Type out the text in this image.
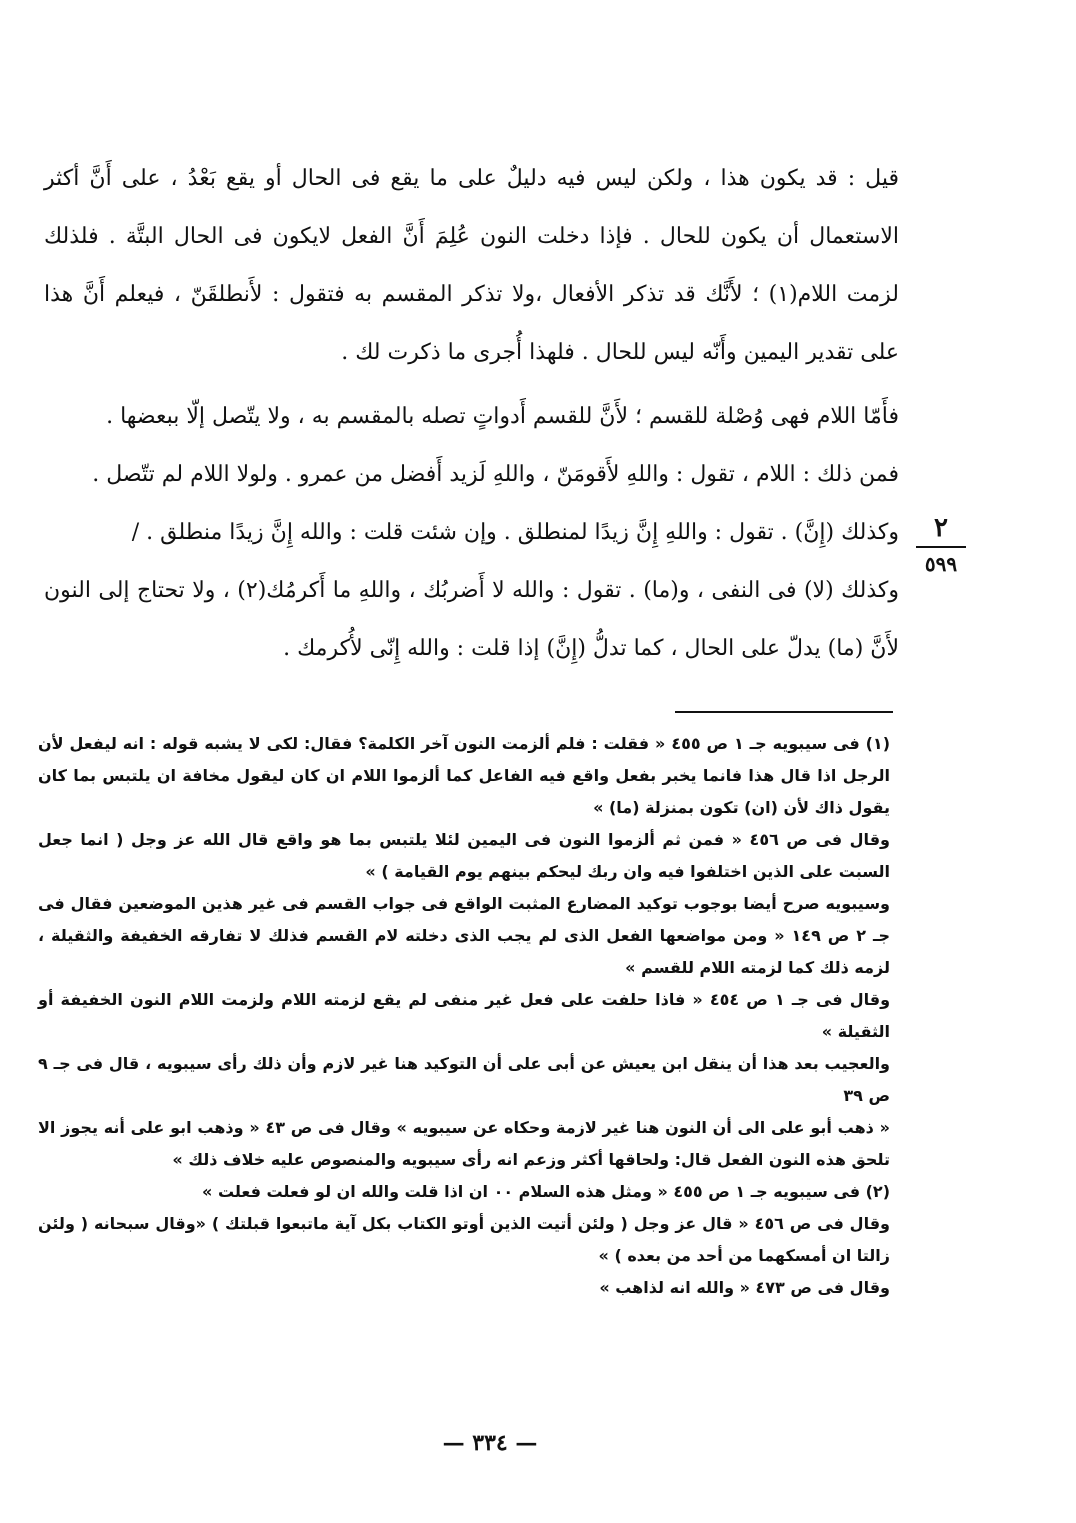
قيل : قد يكون هذا ، ولكن ليس فيه دليلٌ على ما يقع فى الحال أو يقع بَعْدُ ، على أَنَّ أكثر الاستعمال أن يكون للحال . فإذا دخلت النون عُلِمَ أَنَّ الفعل لايكون فى الحال البتَّة . فلذلك لزمت اللام(١) ؛ لأَنَّك قد تذكر الأفعال ،ولا تذكر المقسم به فتقول : لأَنطلقَنّ ، فيعلم أَنَّ هذا على تقدير اليمين وأَنّه ليس للحال . فلهذا أُجرى ما ذكرت لك .

فأَمّا اللام فهى وُصْلة للقسم ؛ لأَنَّ للقسم أَدواتٍ تصله بالمقسم به ، ولا يتّصل إلّا ببعضها .

فمن ذلك : اللام ، تقول : واللهِ لأَقومَنّ ، واللهِ لَزيد أَفضل من عمرو . ولولا اللام لم تتّصل .

وكذلك (إِنَّ) . تقول : واللهِ إِنَّ زيدًا لمنطلق . وإن شئت قلت : والله إِنَّ زيدًا منطلق . /

وكذلك (لا) فى النفى ، و(ما) . تقول : والله لا أَضربُك ، واللهِ ما أَكرمُك(٢) ، ولا تحتاج إلى النون لأَنَّ (ما) يدلّ على الحال ، كما تدلُّ (إِنَّ) إذا قلت : والله إِنّى لأُكرمك .

٢
٥٩٩

(١) فى سيبويه جـ ١ ص ٤٥٥ « فقلت : فلم ألزمت النون آخر الكلمة؟ فقال: لكى لا يشبه قوله : انه ليفعل لأن الرجل اذا قال هذا فانما يخبر بفعل واقع فيه الفاعل كما ألزموا اللام ان كان ليقول مخافة ان يلتبس بما كان يقول ذاك لأن (ان) تكون بمنزلة (ما) »

وقال فى ص ٤٥٦ « فمن ثم ألزموا النون فى اليمين لئلا يلتبس بما هو واقع قال الله عز وجل ( انما جعل السبت على الذين اختلفوا فيه وان ربك ليحكم بينهم يوم القيامة ) »

وسيبويه صرح أيضا بوجوب توكيد المضارع المثبت الواقع فى جواب القسم فى غير هذين الموضعين فقال فى جـ ٢ ص ١٤٩ « ومن مواضعها الفعل الذى لم يجب الذى دخلته لام القسم فذلك لا تفارقه الخفيفة والثقيلة ، لزمه ذلك كما لزمته اللام للقسم »

وقال فى جـ ١ ص ٤٥٤ « فاذا حلفت على فعل غير منفى لم يقع لزمته اللام ولزمت اللام النون الخفيفة أو الثقيلة »

والعجيب بعد هذا أن ينقل ابن يعيش عن أبى على أن التوكيد هنا غير لازم وأن ذلك رأى سيبويه ، قال فى جـ ٩ ص ٣٩

« ذهب أبو على الى أن النون هنا غير لازمة وحكاه عن سيبويه » وقال فى ص ٤٣ « وذهب ابو على أنه يجوز الا تلحق هذه النون الفعل قال: ولحاقها أكثر وزعم انه رأى سيبويه والمنصوص عليه خلاف ذلك »

(٢) فى سيبويه جـ ١ ص ٤٥٥ « ومثل هذه السلام ٠٠ ان اذا قلت والله ان لو فعلت فعلت »

وقال فى ص ٤٥٦ « قال عز وجل ( ولئن أتيت الذين أوتو الكتاب بكل آية ماتبعوا قبلتك ) «وقال سبحانه ( ولئن زالتا ان أمسكهما من أحد من بعده ) »

وقال فى ص ٤٧٣ « والله انه لذاهب »

— ٣٣٤ —
